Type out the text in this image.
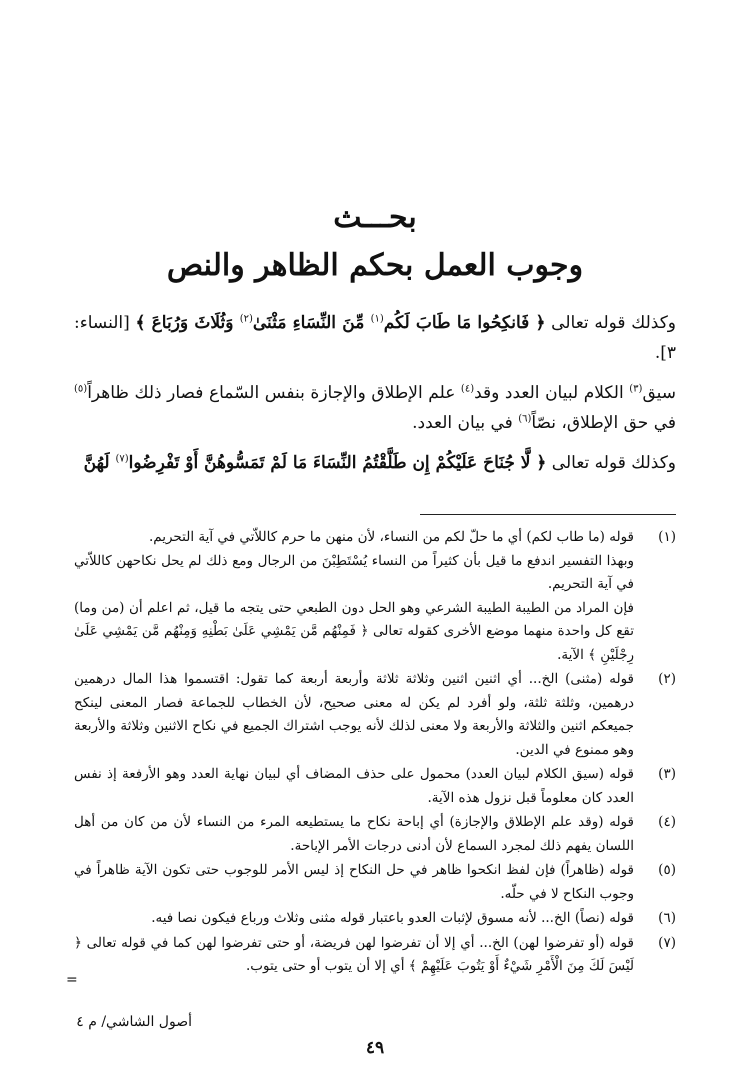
بحـــث
وجوب العمل بحكم الظاهر والنص

وكذلك قوله تعالى ﴿ فَانكِحُوا مَا طَابَ لَكُم$^{(١)}$ مِّنَ النِّسَاءِ مَثْنَىٰ$^{(٢)}$ وَثُلَاثَ وَرُبَاعَ ﴾ [النساء: ٣].

سيق$^{(٣)}$ الكلام لبيان العدد وقد$^{(٤)}$ علم الإطلاق والإجازة بنفس السّماع فصار ذلك ظاهراً$^{(٥)}$ في حق الإطلاق، نصّاً$^{(٦)}$ في بيان العدد.

وكذلك قوله تعالى ﴿ لَّا جُنَاحَ عَلَيْكُمْ إِن طَلَّقْتُمُ النِّسَاءَ مَا لَمْ تَمَسُّوهُنَّ أَوْ تَفْرِضُوا$^{(٧)}$ لَهُنَّ

(١)

قوله (ما طاب لكم) أي ما حلّ لكم من النساء، لأن منهن ما حرم كاللاّتي في آية التحريم.

وبهذا التفسير اندفع ما قيل بأن كثيراً من النساء يُسْتَطِبْنَ من الرجال ومع ذلك لم يحل نكاحهن كاللاّتي في آية التحريم.

فإن المراد من الطيبة الطيبة الشرعي وهو الحل دون الطبعي حتى يتجه ما قيل، ثم اعلم أن (من وما) تقع كل واحدة منهما موضع الأخرى كقوله تعالى ﴿ فَمِنْهُم مَّن يَمْشِي عَلَىٰ بَطْنِهِ وَمِنْهُم مَّن يَمْشِي عَلَىٰ رِجْلَيْنِ ﴾ الآية.

(٢)

قوله (مثنى) الخ... أي اثنين اثنين وثلاثة ثلاثة وأربعة أربعة كما تقول: اقتسموا هذا المال درهمين درهمين، وثلثة ثلثة، ولو أفرد لم يكن له معنى صحيح، لأن الخطاب للجماعة فصار المعنى لينكح جميعكم اثنين والثلاثة والأربعة ولا معنى لذلك لأنه يوجب اشتراك الجميع في نكاح الاثنين وثلاثة والأربعة وهو ممنوع في الدين.

(٣)

قوله (سيق الكلام لبيان العدد) محمول على حذف المضاف أي لبيان نهاية العدد وهو الأرفعة إذ نفس العدد كان معلوماً قبل نزول هذه الآية.

(٤)

قوله (وقد علم الإطلاق والإجازة) أي إباحة نكاح ما يستطيعه المرء من النساء لأن من كان من أهل اللسان يفهم ذلك لمجرد السماع لأن أدنى درجات الأمر الإباحة.

(٥)

قوله (ظاهراً) فإن لفظ انكحوا ظاهر في حل النكاح إذ ليس الأمر للوجوب حتى تكون الآية ظاهراً في وجوب النكاح لا في حلّه.

(٦)

قوله (نصاً) الخ... لأنه مسوق لإثبات العدو باعتبار قوله مثنى وثلاث ورباع فيكون نصا فيه.

(٧)

قوله (أو تفرضوا لهن) الخ... أي إلا أن تفرضوا لهن فريضة، أو حتى تفرضوا لهن كما في قوله تعالى ﴿ لَيْسَ لَكَ مِنَ الْأَمْرِ شَيْءٌ أَوْ يَتُوبَ عَلَيْهِمْ ﴾ أي إلا أن يتوب أو حتى يتوب.

=
أصول الشاشي/ م ٤
٤٩
